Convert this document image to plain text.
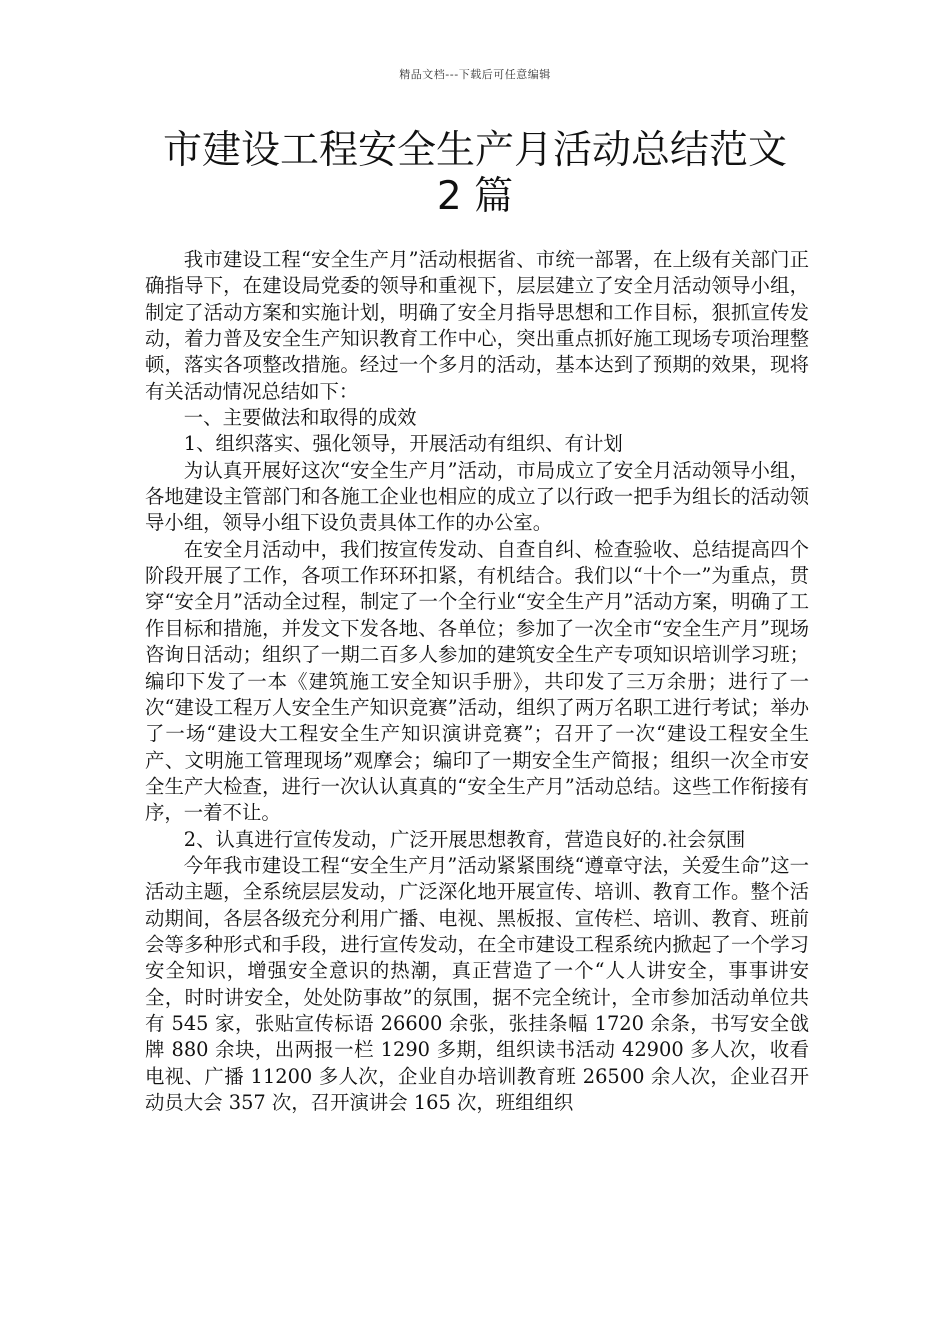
精品文档---下载后可任意编辑
市建设工程安全生产月活动总结范文 2 篇

我市建设工程“安全生产月”活动根据省、市统一部署，在上级有关部门正确指导下，在建设局党委的领导和重视下，层层建立了安全月活动领导小组，制定了活动方案和实施计划，明确了安全月指导思想和工作目标，狠抓宣传发动，着力普及安全生产知识教育工作中心，突出重点抓好施工现场专项治理整顿，落实各项整改措施。经过一个多月的活动，基本达到了预期的效果，现将有关活动情况总结如下：

一、主要做法和取得的成效

1、组织落实、强化领导，开展活动有组织、有计划

为认真开展好这次“安全生产月”活动，市局成立了安全月活动领导小组，各地建设主管部门和各施工企业也相应的成立了以行政一把手为组长的活动领导小组，领导小组下设负责具体工作的办公室。

在安全月活动中，我们按宣传发动、自查自纠、检查验收、总结提高四个阶段开展了工作，各项工作环环扣紧，有机结合。我们以“十个一”为重点，贯穿“安全月”活动全过程，制定了一个全行业“安全生产月”活动方案，明确了工作目标和措施，并发文下发各地、各单位；参加了一次全市“安全生产月”现场咨询日活动；组织了一期二百多人参加的建筑安全生产专项知识培训学习班；编印下发了一本《建筑施工安全知识手册》，共印发了三万余册；进行了一次“建设工程万人安全生产知识竞赛”活动，组织了两万名职工进行考试；举办了一场“建设大工程安全生产知识演讲竞赛”；召开了一次“建设工程安全生产、文明施工管理现场”观摩会；编印了一期安全生产简报；组织一次全市安全生产大检查，进行一次认认真真的“安全生产月”活动总结。这些工作衔接有序，一着不让。

2、认真进行宣传发动，广泛开展思想教育，营造良好的.社会氛围

今年我市建设工程“安全生产月”活动紧紧围绕“遵章守法，关爱生命”这一活动主题，全系统层层发动，广泛深化地开展宣传、培训、教育工作。整个活动期间，各层各级充分利用广播、电视、黑板报、宣传栏、培训、教育、班前会等多种形式和手段，进行宣传发动，在全市建设工程系统内掀起了一个学习安全知识，增强安全意识的热潮，真正营造了一个“人人讲安全，事事讲安全，时时讲安全，处处防事故”的氛围，据不完全统计，全市参加活动单位共有 545 家，张贴宣传标语 26600 余张，张挂条幅 1720 余条，书写安全戗牌 880 余块，出两报一栏 1290 多期，组织读书活动 42900 多人次，收看电视、广播 11200 多人次，企业自办培训教育班 26500 余人次，企业召开动员大会 357 次，召开演讲会 165 次，班组组织
